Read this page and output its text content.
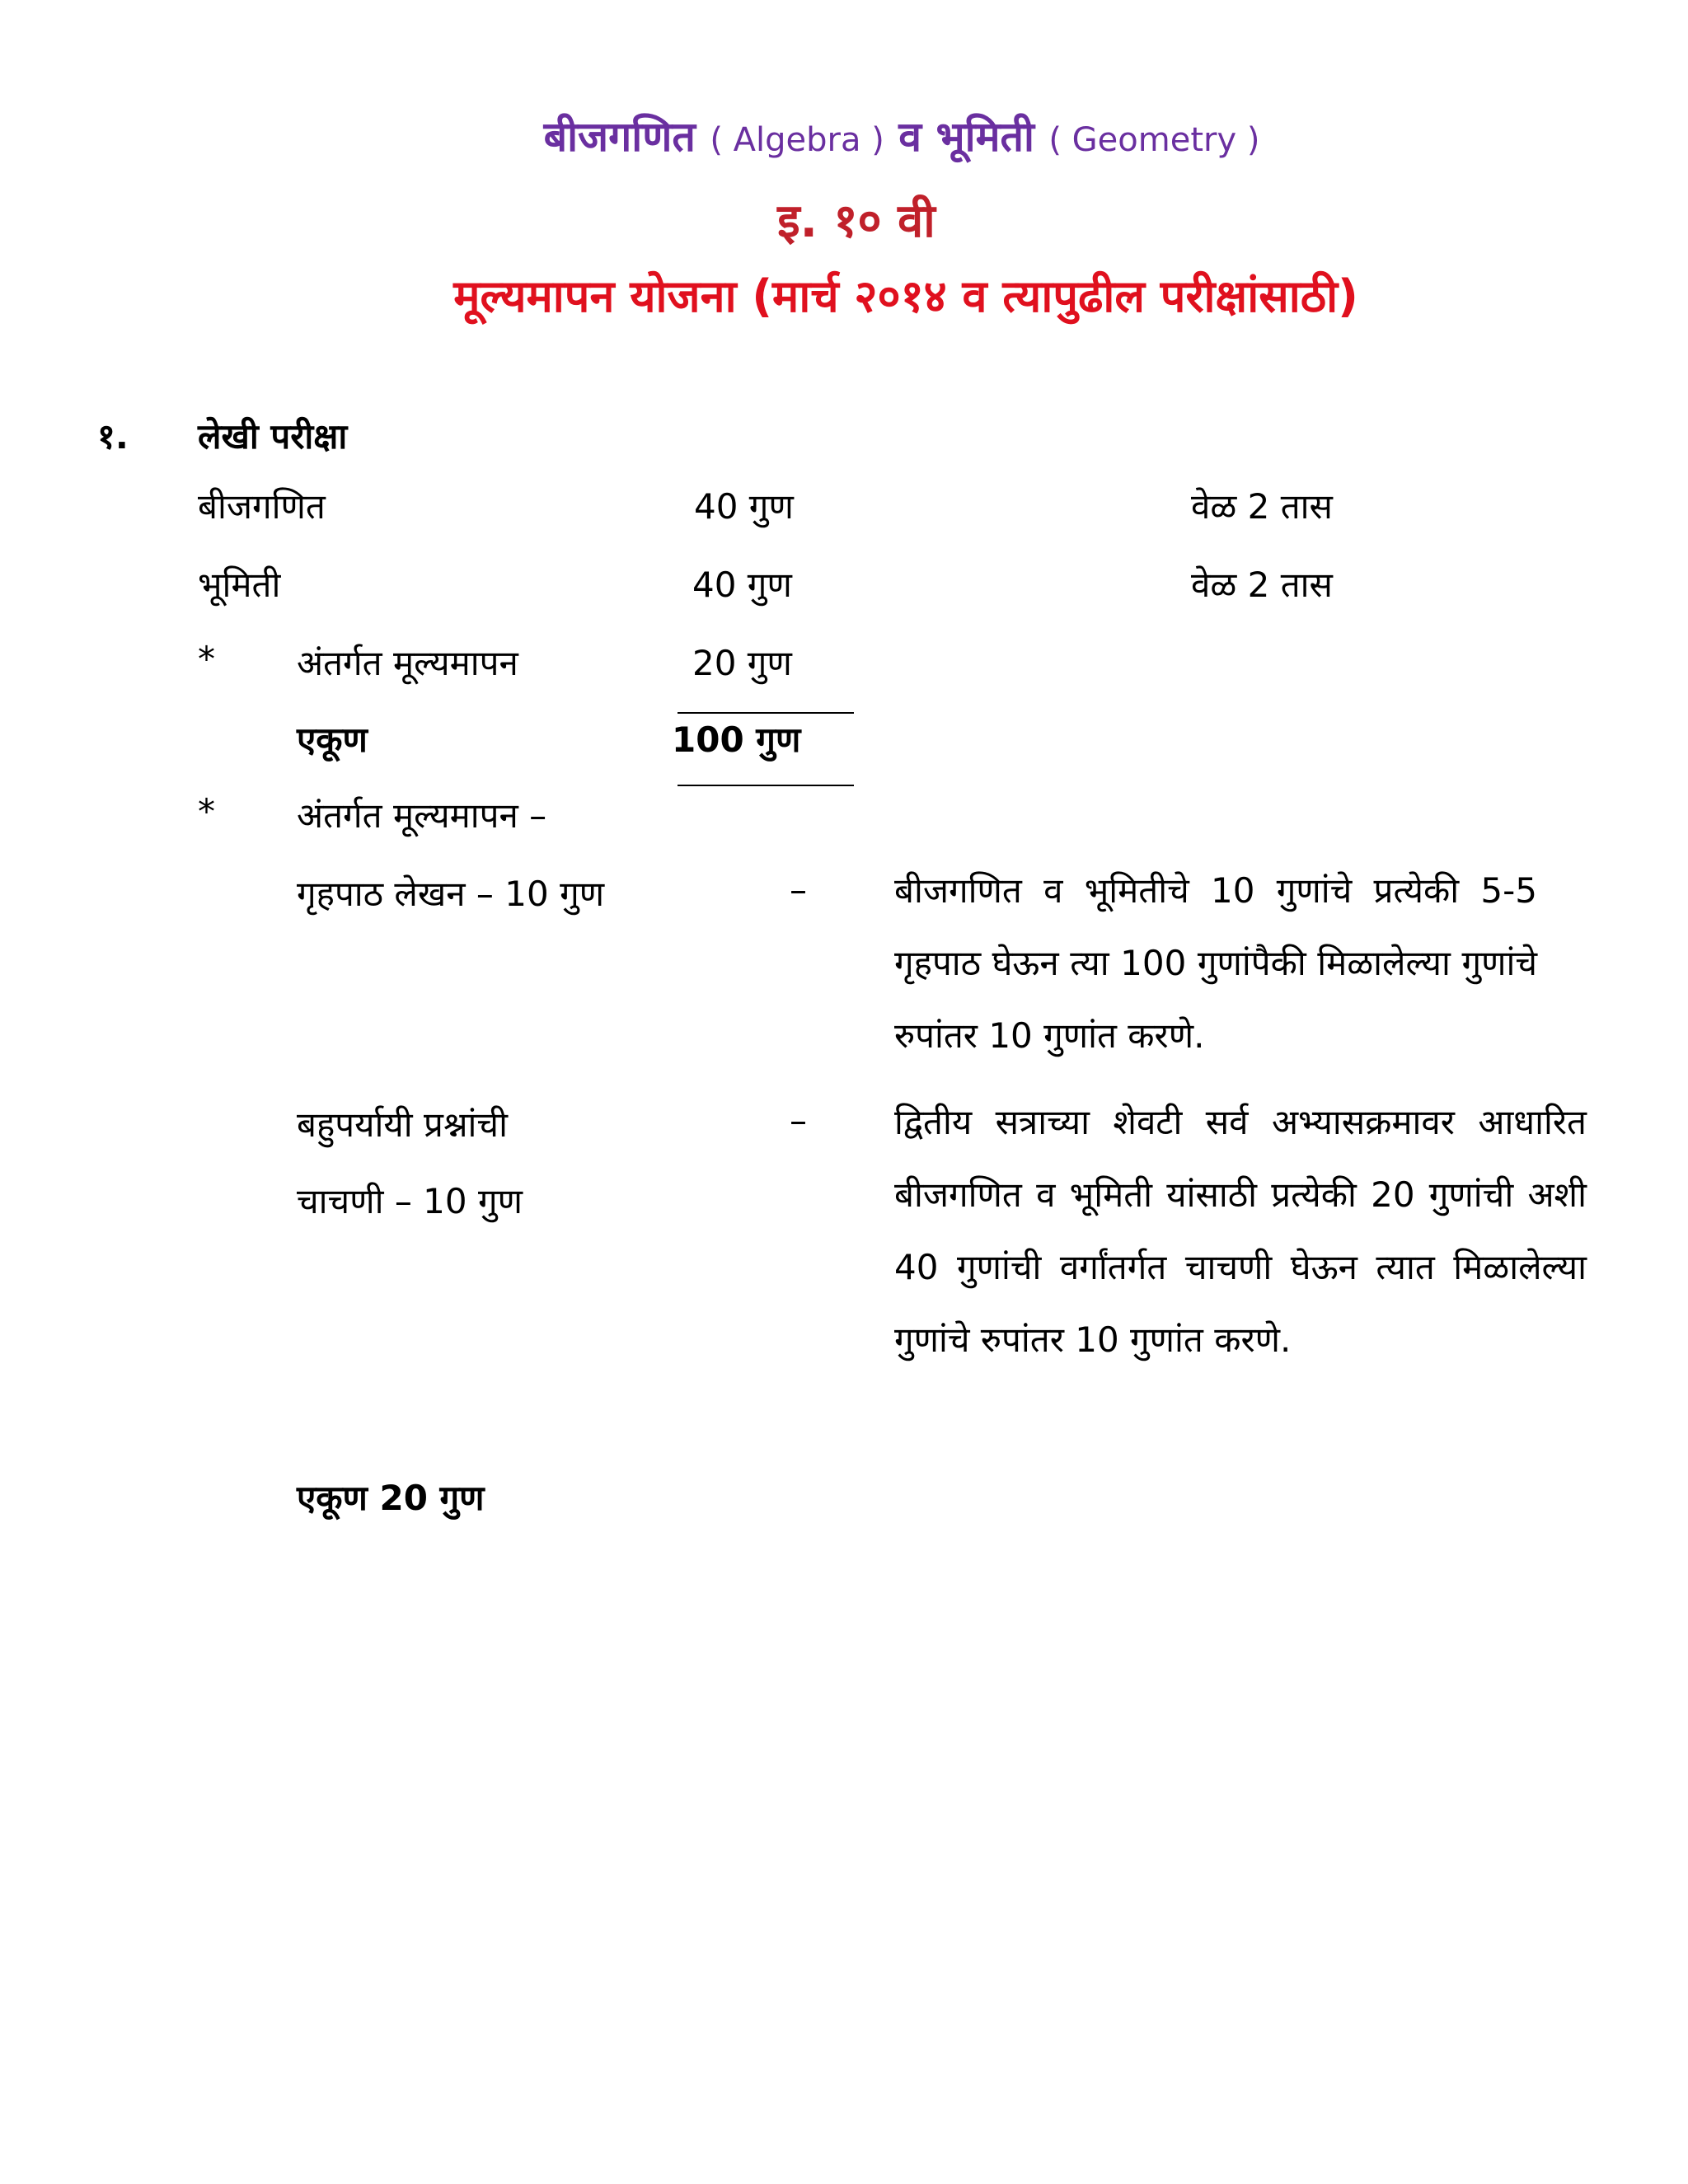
बीजगणित ( Algebra ) व भूमिती ( Geometry )
इ. १० वी
मूल्यमापन योजना (मार्च २०१४ व त्यापुढील परीक्षांसाठी)
१. लेखी परीक्षा
बीजगणित	40 गुण	वेळ 2 तास
भूमिती	40 गुण	वेळ 2 तास
* अंतर्गत मूल्यमापन	20 गुण
एकूण	100 गुण
* अंतर्गत मूल्यमापन –
गृहपाठ लेखन – 10 गुण	–	बीजगणित व भूमितीचे 10 गुणांचे प्रत्येकी 5-5 गृहपाठ घेऊन त्या 100 गुणांपैकी मिळालेल्या गुणांचे रुपांतर 10 गुणांत करणे.
बहुपर्यायी प्रश्नांची
चाचणी – 10 गुण
–	द्वितीय सत्राच्या शेवटी सर्व अभ्यासक्रमावर आधारित बीजगणित व भूमिती यांसाठी प्रत्येकी 20 गुणांची अशी 40 गुणांची वर्गांतर्गत चाचणी घेऊन त्यात मिळालेल्या गुणांचे रुपांतर 10 गुणांत करणे.
एकूण 20 गुण
